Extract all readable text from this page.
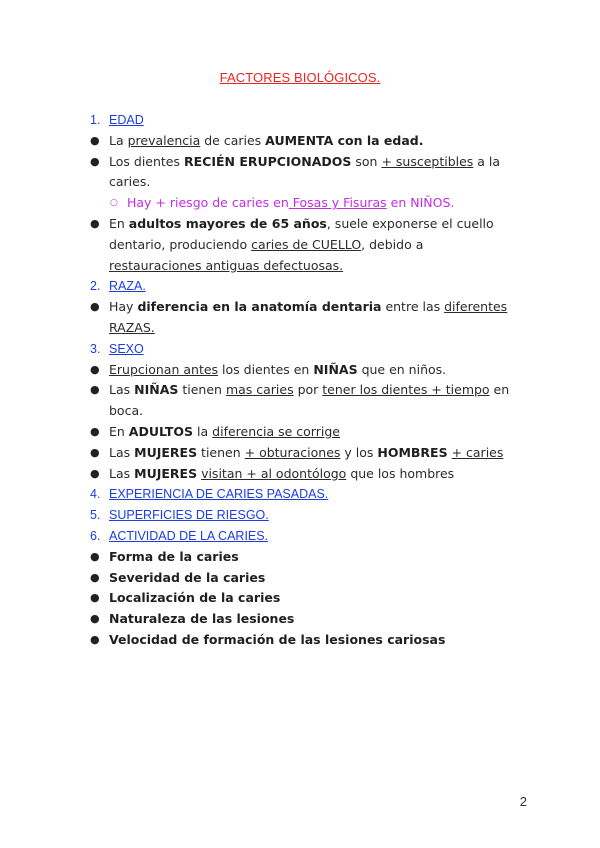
FACTORES BIOLÓGICOS.
1. EDAD
● La prevalencia de caries AUMENTA con la edad.
● Los dientes RECIÉN ERUPCIONADOS son + susceptibles a la caries.
○ Hay + riesgo de caries en Fosas y Fisuras en NIÑOS.
● En adultos mayores de 65 años, suele exponerse el cuello dentario, produciendo caries de CUELLO, debido a restauraciones antiguas defectuosas.
2. RAZA.
● Hay diferencia en la anatomía dentaria entre las diferentes RAZAS.
3. SEXO
● Erupcionan antes los dientes en NIÑAS que en niños.
● Las NIÑAS tienen mas caries por tener los dientes + tiempo en boca.
● En ADULTOS la diferencia se corrige
● Las MUJERES tienen + obturaciones y los HOMBRES + caries
● Las MUJERES visitan + al odontólogo que los hombres
4. EXPERIENCIA DE CARIES PASADAS.
5. SUPERFICIES DE RIESGO.
6. ACTIVIDAD DE LA CARIES.
● Forma de la caries
● Severidad de la caries
● Localización de la caries
● Naturaleza de las lesiones
● Velocidad de formación de las lesiones cariosas
2
